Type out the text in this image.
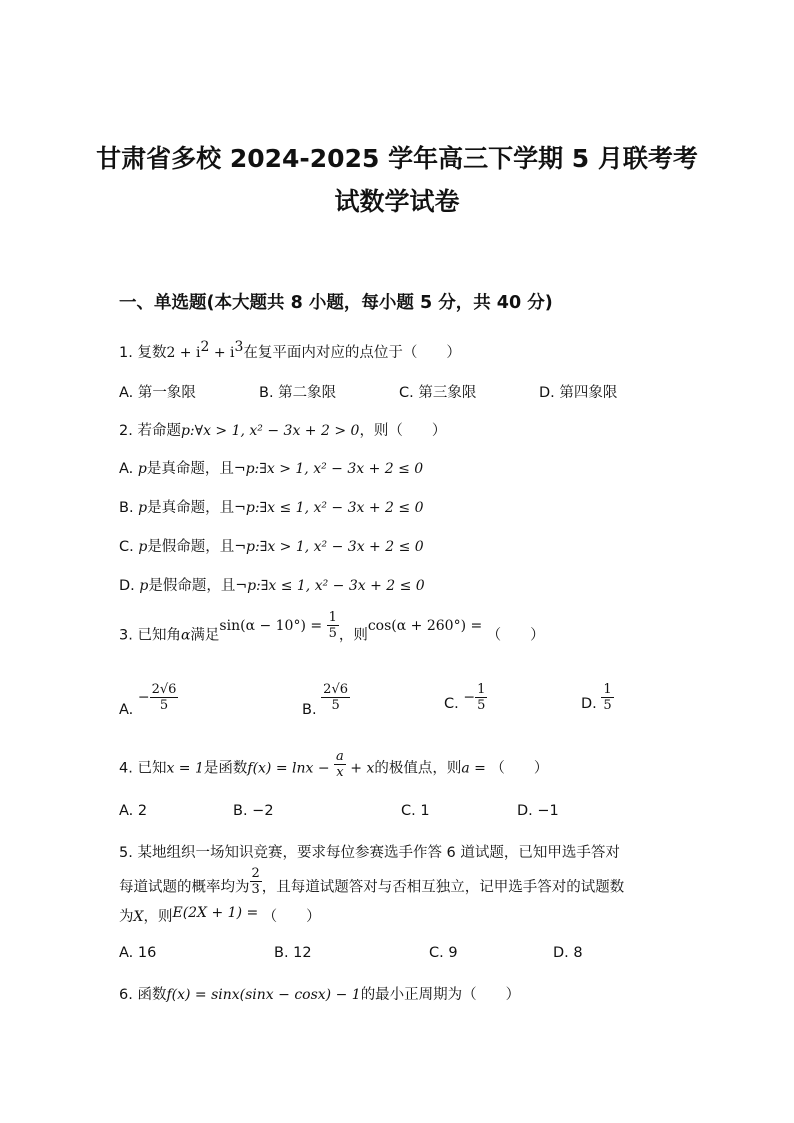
甘肃省多校 2024-2025 学年高三下学期 5 月联考考
试数学试卷
一、单选题(本大题共 8 小题，每小题 5 分，共 40 分)
1. 复数$2 + i^2 + i^3$在复平面内对应的点位于（　　）
A. 第一象限	B. 第二象限	C. 第三象限	D. 第四象限
2. 若命题p:∀x > 1, x² − 3x + 2 > 0，则（　　）
A. p是真命题，且¬p:∃x > 1, x² − 3x + 2 ≤ 0
B. p是真命题，且¬p:∃x ≤ 1, x² − 3x + 2 ≤ 0
C. p是假命题，且¬p:∃x > 1, x² − 3x + 2 ≤ 0
D. p是假命题，且¬p:∃x ≤ 1, x² − 3x + 2 ≤ 0
3. 已知角α满足$\sin(\alpha - 10^\circ) = \frac{1}{5}$ ，则cos(α + 260°) = （　　）
A. − $\frac{2√6}{5}$	B. $\frac{2√6}{5}$	C. − $\frac{1}{5}$	D. $\frac{1}{5}$
4. 已知x = 1是函数$f(x) = \ln x - \frac{a}{x} + x$的极值点，则a = （　　）
A. 2	B. −2	C. 1	D. −1
5. 某地组织一场知识竞赛，要求每位参赛选手作答 6 道试题，已知甲选手答对
每道试题的概率均为 $\frac{2}{3}$ ，且每道试题答对与否相互独立，记甲选手答对的试题数
为X，则E(2X + 1) = （　　）
A. 16	B. 12	C. 9	D. 8
6. 函数f(x) = sinx(sinx − cosx) − 1的最小正周期为（　　）
